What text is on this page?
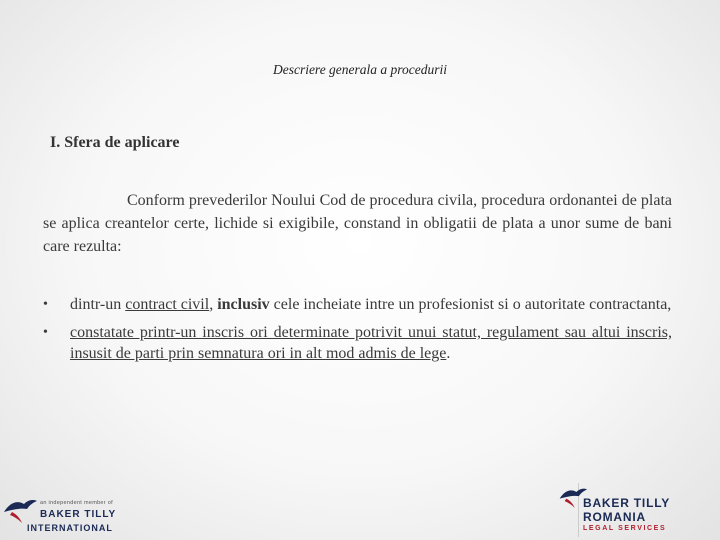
Descriere generala a procedurii
I. Sfera de aplicare
Conform prevederilor Noului Cod de procedura civila, procedura ordonantei de plata se aplica creantelor certe, lichide si exigibile, constand in obligatii de plata a unor sume de bani care rezulta:
• dintr-un contract civil, inclusiv cele incheiate intre un profesionist si o autoritate contractanta,
• constatate printr-un inscris ori determinate potrivit unui statut, regulament sau altui inscris, insusit de parti prin semnatura ori in alt mod admis de lege.
an independent member of
BAKER TILLY
INTERNATIONAL
BAKER TILLY
ROMANIA
LEGAL SERVICES
